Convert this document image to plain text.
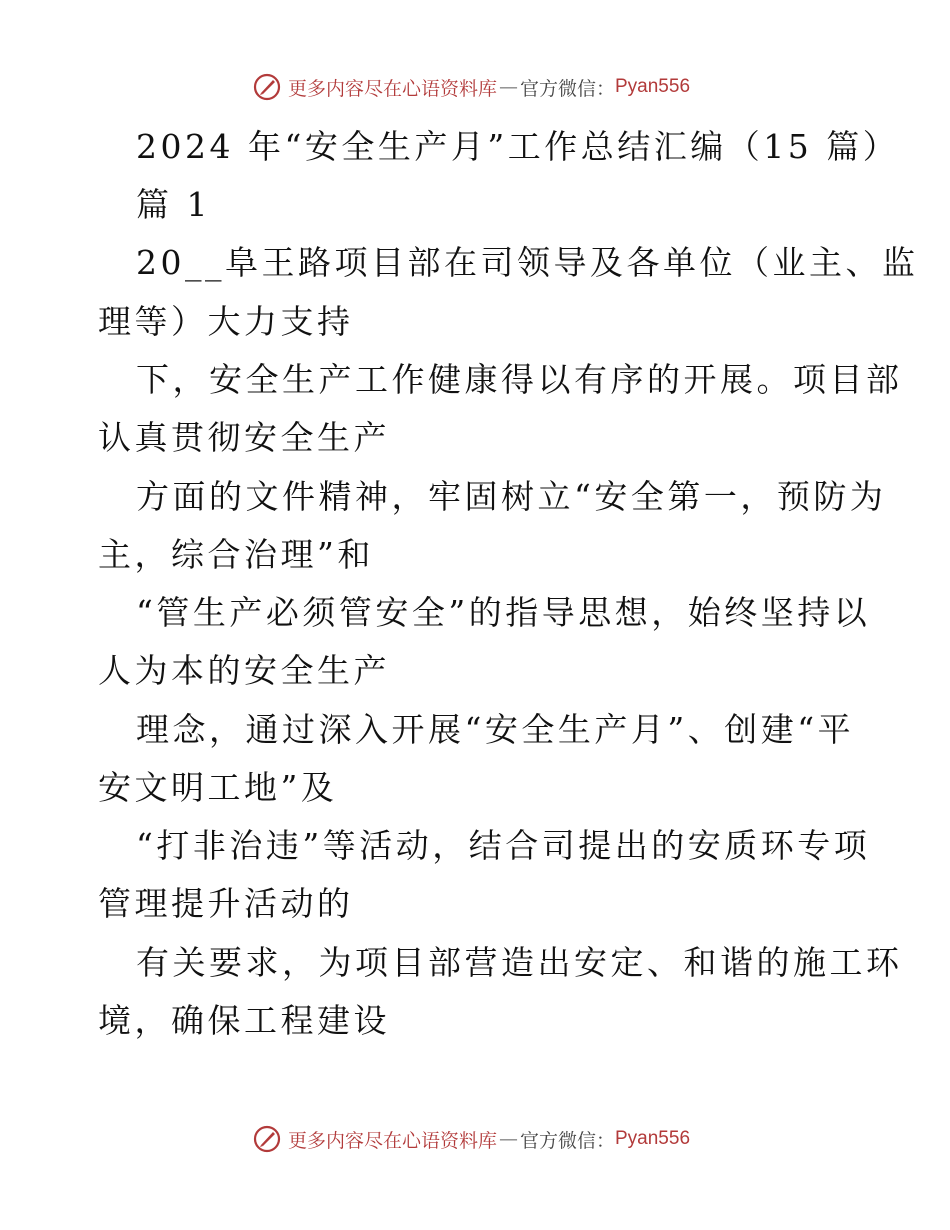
更多内容尽在心语资料库 — 官方微信： Pyan556
2024 年“安全生产月”工作总结汇编（15 篇）
篇 1
20__阜王路项目部在司领导及各单位（业主、监
理等）大力支持
下，安全生产工作健康得以有序的开展。项目部
认真贯彻安全生产
方面的文件精神，牢固树立“安全第一，预防为
主，综合治理”和
“管生产必须管安全”的指导思想，始终坚持以
人为本的安全生产
理念，通过深入开展“安全生产月”、创建“平
安文明工地”及
“打非治违”等活动，结合司提出的安质环专项
管理提升活动的
有关要求，为项目部营造出安定、和谐的施工环
境，确保工程建设
更多内容尽在心语资料库 — 官方微信： Pyan556
